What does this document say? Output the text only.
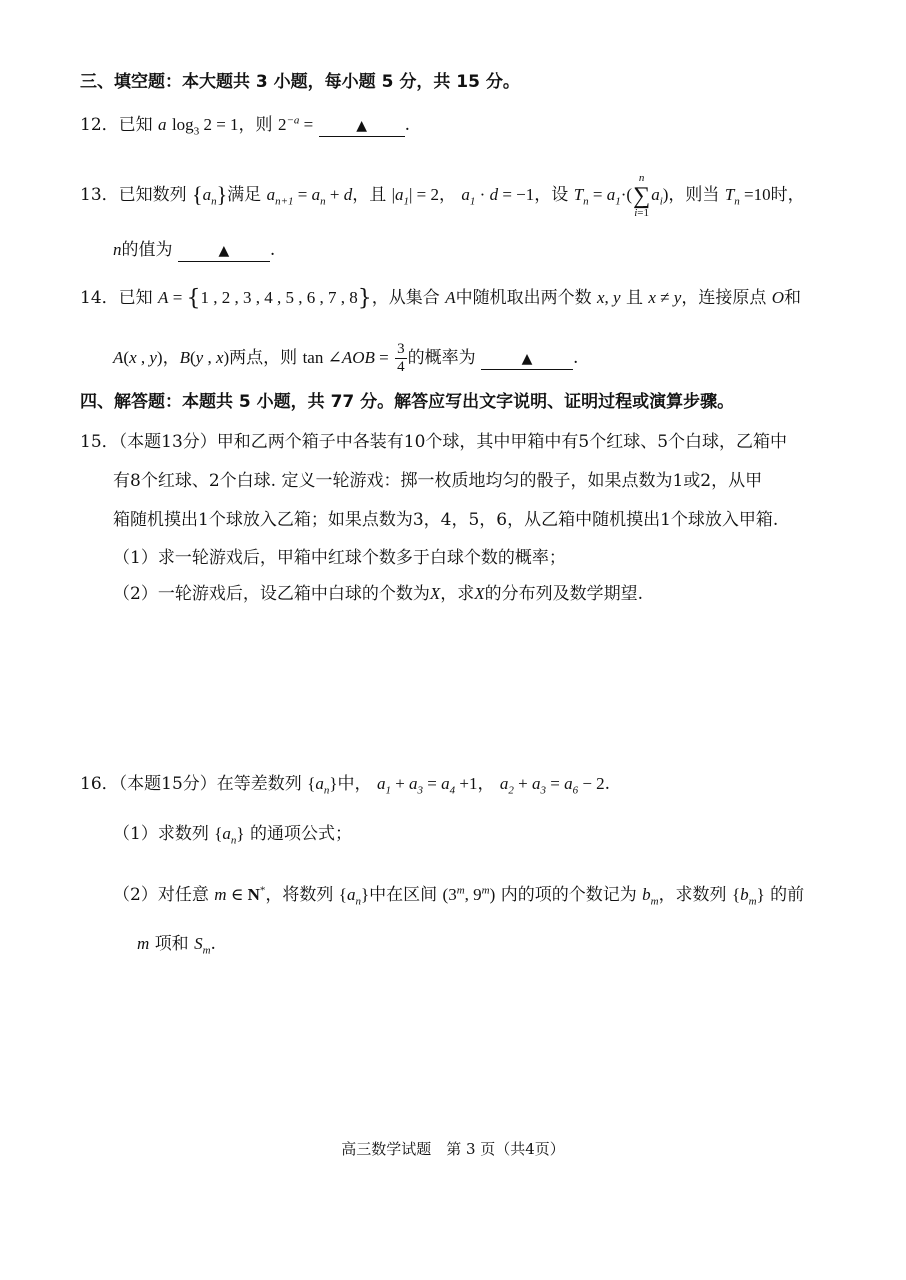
三、填空题：本大题共 3 小题，每小题 5 分，共 15 分。
12．已知 a $\log_3 2 = 1$，则 $2^{-a}$ =	▲ .
13．已知数列 $\{a_n\}$满足 $a_{n+1} = a_n + d$，且 $|a_1| = 2$， $a_1 \cdot d = -1$，设 $T_n = a_1\cdot(n$
∑
$i=1a_i$)，则当 $T_n =10$时，
n的值为	▲ .
14．已知 A = {1 , 2 , 3 , 4 , 5 , 6 , 7 , 8}，从集合 A中随机取出两个数 x, y 且 x ≠ y，连接原点 O和
A(x , y)，B(y , x)两点，则 tan ∠AOB = $\frac{3}{4}$ 的概率为	▲ .
四、解答题：本题共 5 小题，共 77 分。解答应写出文字说明、证明过程或演算步骤。
15．（本题13分）甲和乙两个箱子中各装有10个球，其中甲箱中有5个红球、5个白球，乙箱中
有8个红球、2个白球. 定义一轮游戏：掷一枚质地均匀的骰子，如果点数为1或2，从甲
箱随机摸出1个球放入乙箱；如果点数为3，4，5，6，从乙箱中随机摸出1个球放入甲箱.
（1）求一轮游戏后，甲箱中红球个数多于白球个数的概率；
（2）一轮游戏后，设乙箱中白球的个数为X，求X的分布列及数学期望.
16．（本题15分）在等差数列 $\{a_n\}$中， $a_1 + a_3 = a_4 +1$， $a_2 + a_3 = a_6 - 2$.
（1）求数列 $\{a_n\}$ 的通项公式；
（2）对任意 m ∈ N*，将数列 $\{a_n\}$中在区间 (3$^m$, 9$^m$) 内的项的个数记为 $b_m$，求数列 $\{b_m\}$ 的前
m 项和 $S_m$.
高三数学试题　第 3 页（共4页）
